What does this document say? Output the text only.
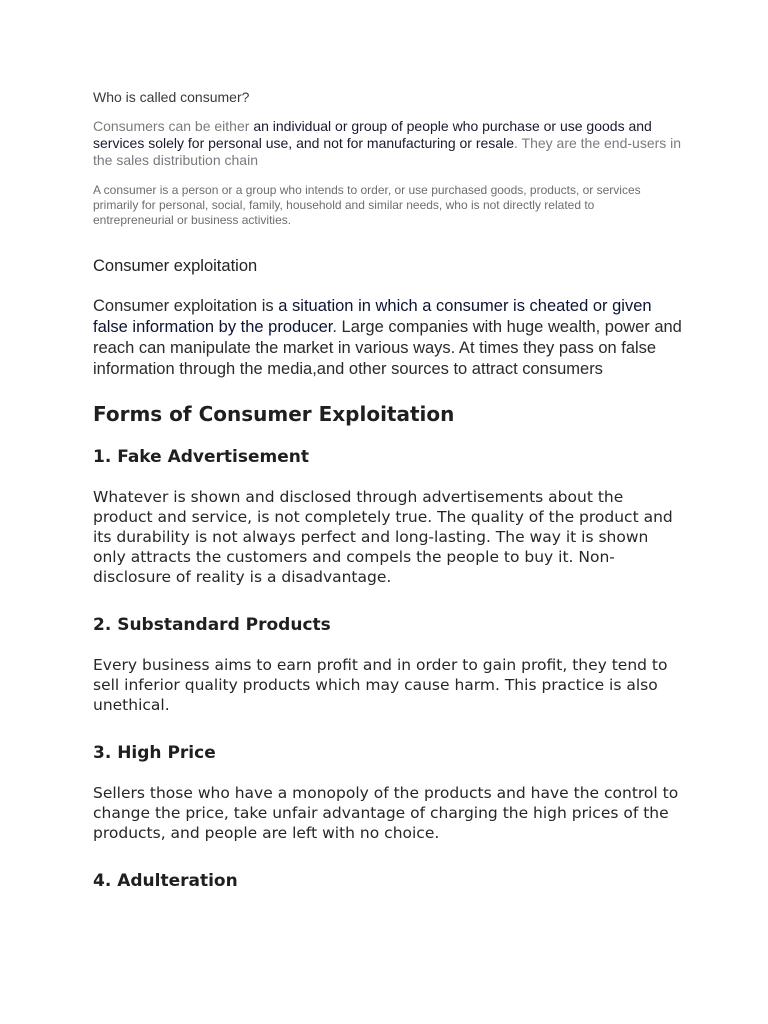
Who is called consumer?

Consumers can be either an individual or group of people who purchase or use goods and services solely for personal use, and not for manufacturing or resale. They are the end-users in the sales distribution chain

A consumer is a person or a group who intends to order, or use purchased goods, products, or services primarily for personal, social, family, household and similar needs, who is not directly related to entrepreneurial or business activities.

Consumer exploitation

Consumer exploitation is a situation in which a consumer is cheated or given false information by the producer. Large companies with huge wealth, power and reach can manipulate the market in various ways. At times they pass on false information through the media,and other sources to attract consumers

Forms of Consumer Exploitation
1. Fake Advertisement

Whatever is shown and disclosed through advertisements about the product and service, is not completely true. The quality of the product and its durability is not always perfect and long-lasting. The way it is shown only attracts the customers and compels the people to buy it. Non-disclosure of reality is a disadvantage.

2. Substandard Products

Every business aims to earn profit and in order to gain profit, they tend to sell inferior quality products which may cause harm. This practice is also unethical.

3. High Price

Sellers those who have a monopoly of the products and have the control to change the price, take unfair advantage of charging the high prices of the products, and people are left with no choice.

4. Adulteration
